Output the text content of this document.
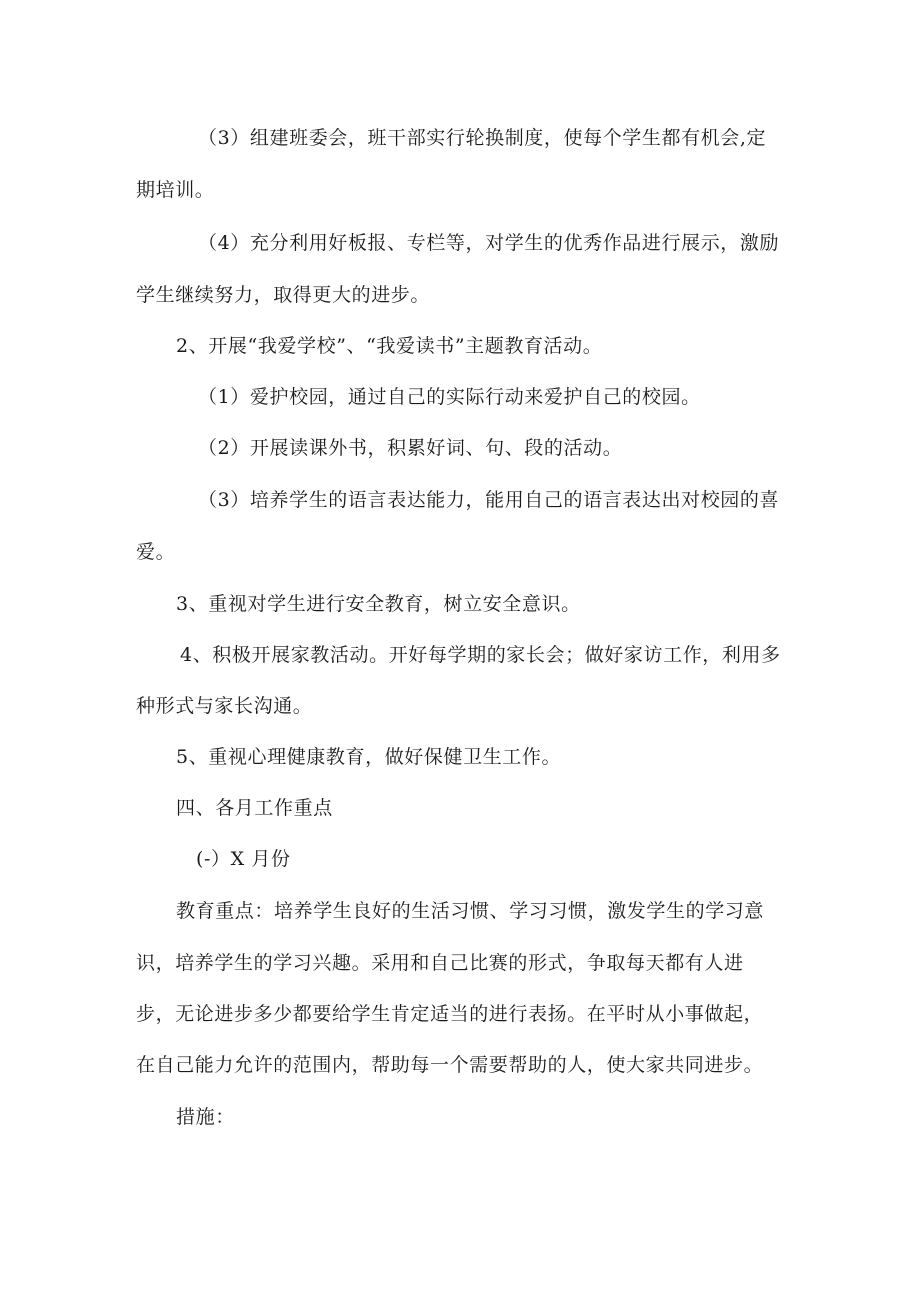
（3）组建班委会，班干部实行轮换制度，使每个学生都有机会,定
期培训。
（4）充分利用好板报、专栏等，对学生的优秀作品进行展示，激励
学生继续努力，取得更大的进步。
2、开展“我爱学校”、“我爱读书”主题教育活动。
（1）爱护校园，通过自己的实际行动来爱护自己的校园。
（2）开展读课外书，积累好词、句、段的活动。
（3）培养学生的语言表达能力，能用自己的语言表达出对校园的喜
爱。
3、重视对学生进行安全教育，树立安全意识。
4、积极开展家教活动。开好每学期的家长会；做好家访工作，利用多
种形式与家长沟通。
5、重视心理健康教育，做好保健卫生工作。
四、各月工作重点
(-）X 月份
教育重点：培养学生良好的生活习惯、学习习惯，激发学生的学习意
识，培养学生的学习兴趣。采用和自己比赛的形式，争取每天都有人进
步，无论进步多少都要给学生肯定适当的进行表扬。在平时从小事做起，
在自己能力允许的范围内，帮助每一个需要帮助的人，使大家共同进步。
措施：
